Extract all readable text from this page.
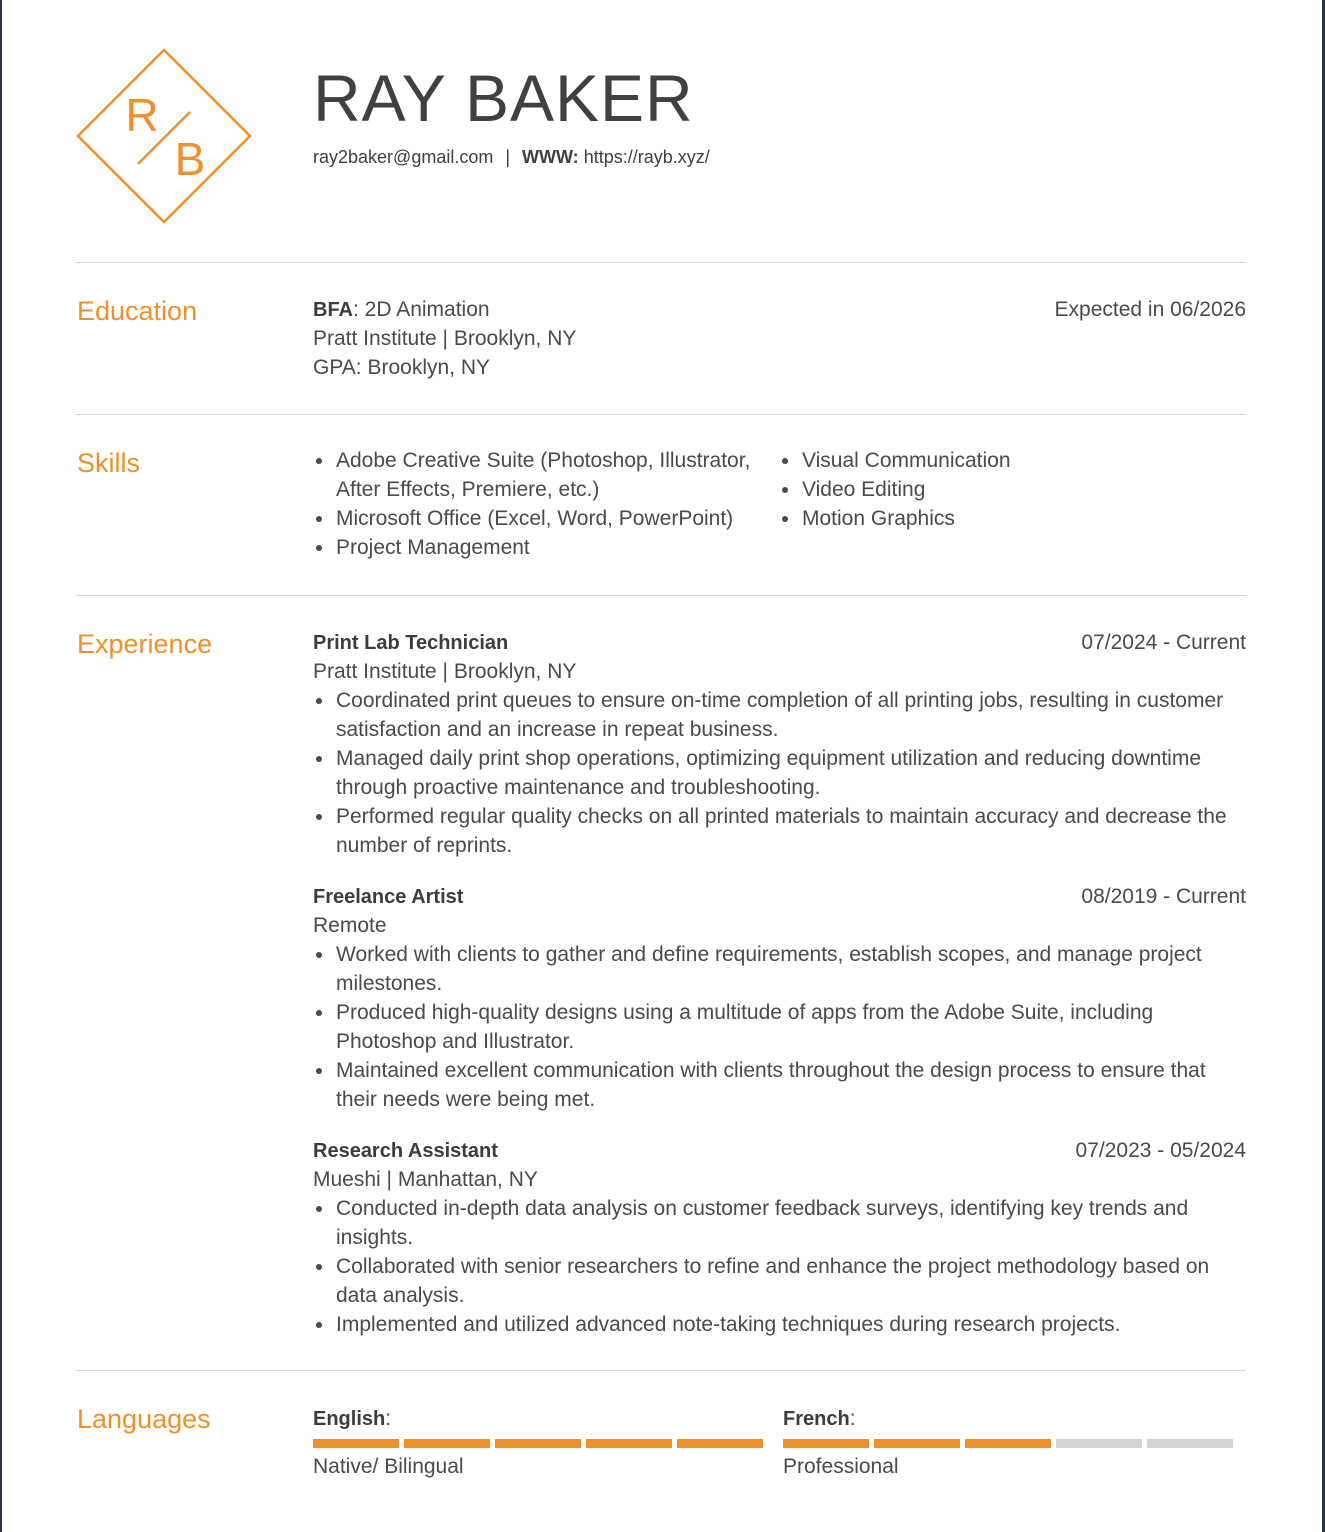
R
B
RAY BAKER
ray2baker@gmail.com | WWW: https://rayb.xyz/
Education	BFA: 2D Animation	Expected in 06/2026
Pratt Institute | Brooklyn, NY
GPA: Brooklyn, NY
Skills	Adobe Creative Suite (Photoshop, Illustrator, After Effects, Premiere, etc.)
Microsoft Office (Excel, Word, PowerPoint)
Project Management
Visual Communication
Video Editing
Motion Graphics
Experience	Print Lab Technician	07/2024 - Current
Pratt Institute | Brooklyn, NY
Coordinated print queues to ensure on-time completion of all printing jobs, resulting in customer satisfaction and an increase in repeat business.
Managed daily print shop operations, optimizing equipment utilization and reducing downtime through proactive maintenance and troubleshooting.
Performed regular quality checks on all printed materials to maintain accuracy and decrease the number of reprints.
Freelance Artist	08/2019 - Current
Remote
Worked with clients to gather and define requirements, establish scopes, and manage project milestones.
Produced high-quality designs using a multitude of apps from the Adobe Suite, including Photoshop and Illustrator.
Maintained excellent communication with clients throughout the design process to ensure that their needs were being met.
Research Assistant	07/2023 - 05/2024
Mueshi | Manhattan, NY
Conducted in-depth data analysis on customer feedback surveys, identifying key trends and insights.
Collaborated with senior researchers to refine and enhance the project methodology based on data analysis.
Implemented and utilized advanced note-taking techniques during research projects.
Languages	English:
Native/ Bilingual
French:
Professional
